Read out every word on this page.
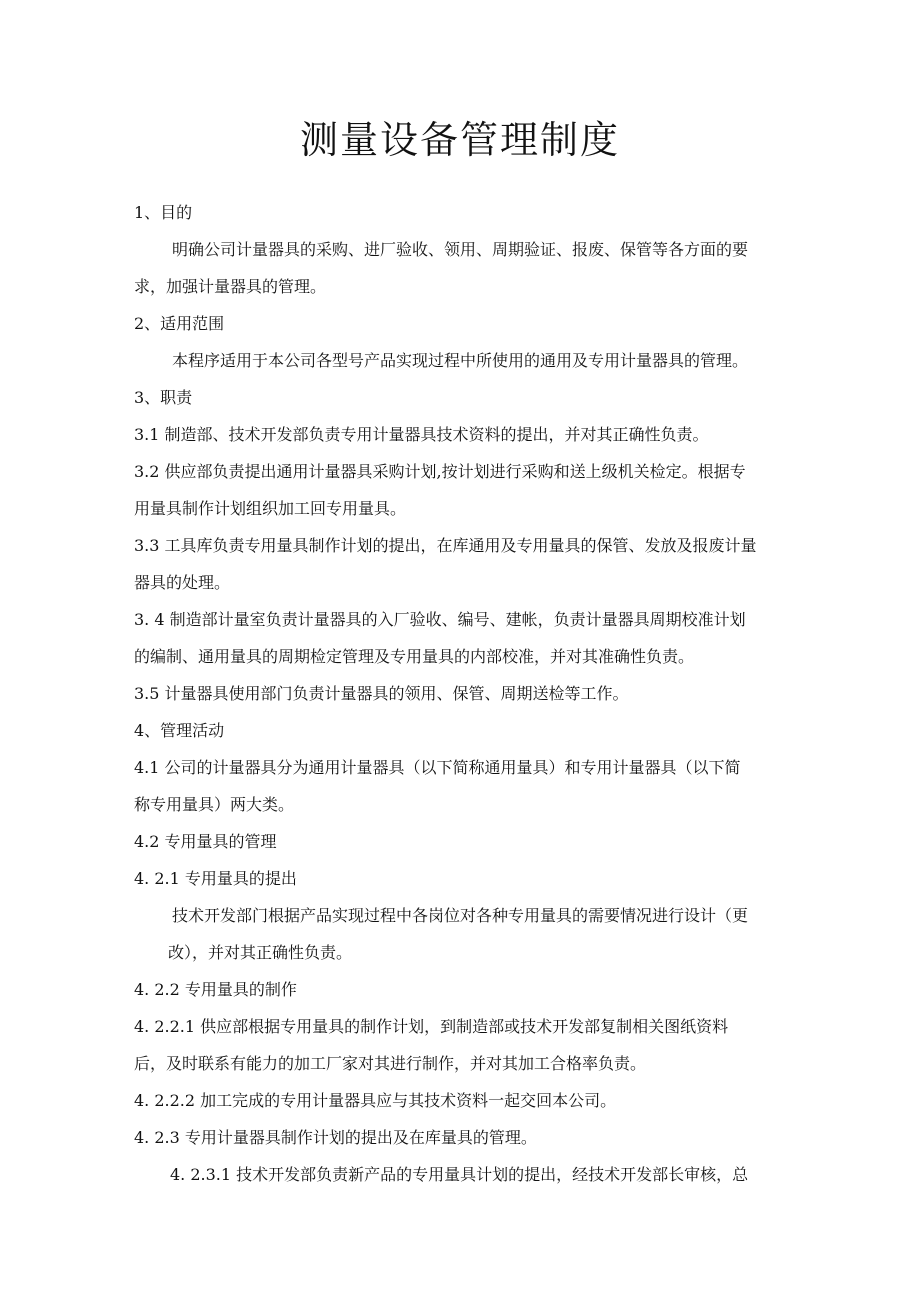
测量设备管理制度

1、目的

明确公司计量器具的采购、进厂验收、领用、周期验证、报废、保管等各方面的要

求，加强计量器具的管理。

2、适用范围

本程序适用于本公司各型号产品实现过程中所使用的通用及专用计量器具的管理。

3、职责

3.1 制造部、技术开发部负责专用计量器具技术资料的提出，并对其正确性负责。

3.2 供应部负责提出通用计量器具采购计划,按计划进行采购和送上级机关检定。根据专

用量具制作计划组织加工回专用量具。

3.3 工具库负责专用量具制作计划的提出，在库通用及专用量具的保管、发放及报废计量

器具的处理。

3. 4 制造部计量室负责计量器具的入厂验收、编号、建帐，负责计量器具周期校准计划

的编制、通用量具的周期检定管理及专用量具的内部校准，并对其准确性负责。

3.5 计量器具使用部门负责计量器具的领用、保管、周期送检等工作。

4、管理活动

4.1 公司的计量器具分为通用计量器具（以下简称通用量具）和专用计量器具（以下简

称专用量具）两大类。

4.2 专用量具的管理

4. 2.1 专用量具的提出

技术开发部门根据产品实现过程中各岗位对各种专用量具的需要情况进行设计（更

改），并对其正确性负责。

4. 2.2 专用量具的制作

4. 2.2.1 供应部根据专用量具的制作计划，到制造部或技术开发部复制相关图纸资料

后，及时联系有能力的加工厂家对其进行制作，并对其加工合格率负责。

4. 2.2.2 加工完成的专用计量器具应与其技术资料一起交回本公司。

4. 2.3 专用计量器具制作计划的提出及在库量具的管理。

4. 2.3.1 技术开发部负责新产品的专用量具计划的提出，经技术开发部长审核，总
